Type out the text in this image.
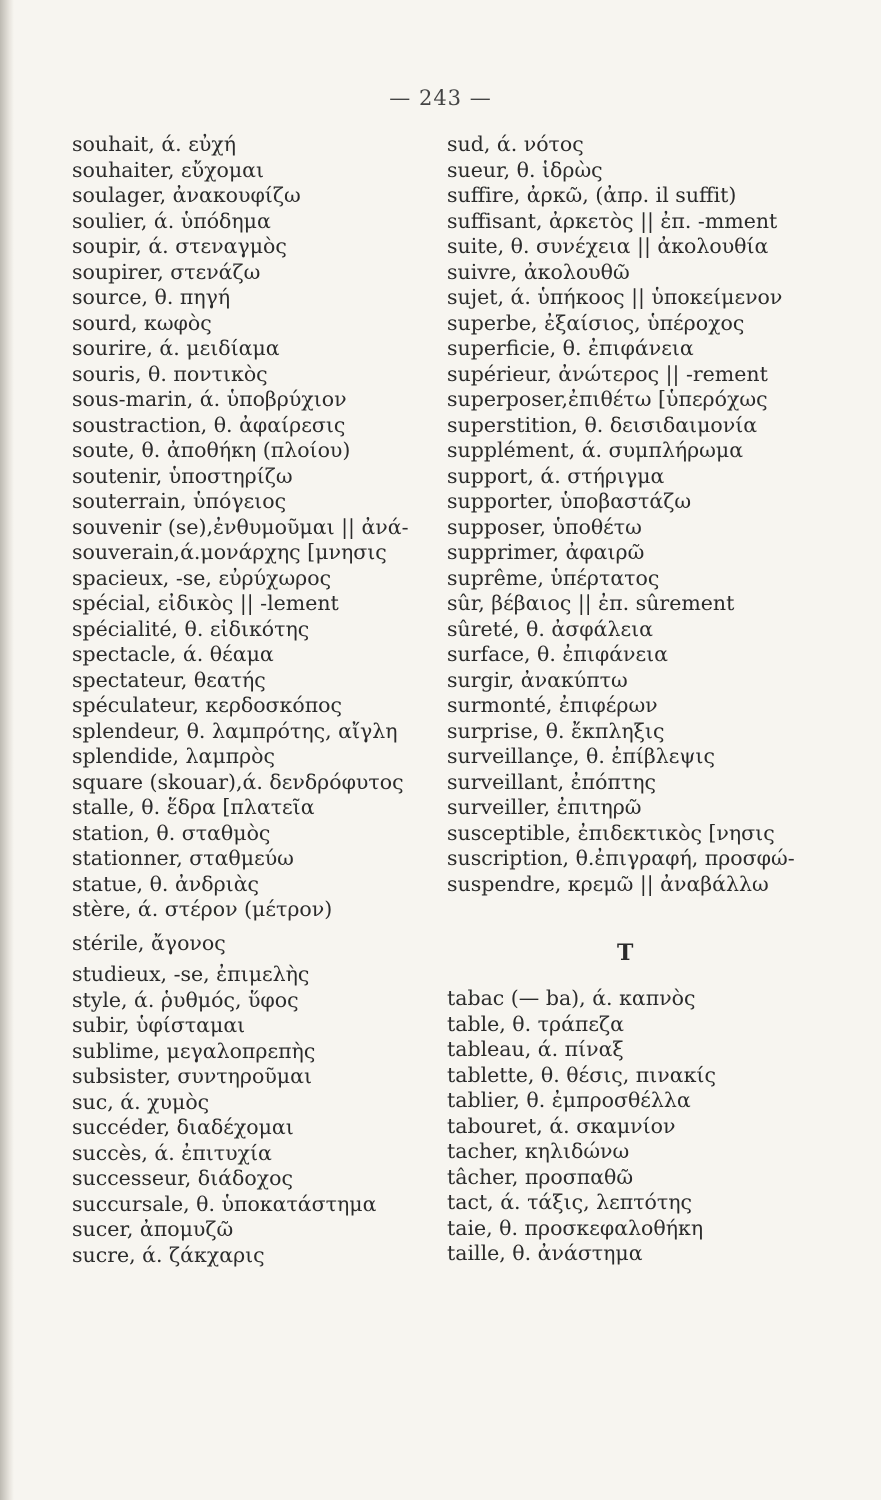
— 243 —
souhait, ά. εὐχή
souhaiter, εὔχομαι
soulager, ἀνακουφίζω
soulier, ά. ὑπόδημα
soupir, ά. στεναγμὸς
soupirer, στενάζω
source, θ. πηγή
sourd, κωφὸς
sourire, ά. μειδίαμα
souris, θ. ποντικὸς
sous-marin, ά. ὑποβρύχιον
soustraction, θ. ἀφαίρεσις
soute, θ. ἀποθήκη (πλοίου)
soutenir, ὑποστηρίζω
souterrain, ὑπόγειος
souvenir (se),ἐνθυμοῦμαι || ἀνά-
souverain,ά.μονάρχης [μνησις
spacieux, -se, εὐρύχωρος
spécial, εἰδικὸς || -lement
spécialité, θ. εἰδικότης
spectacle, ά. θέαμα
spectateur, θεατής
spéculateur, κερδοσκόπος
splendeur, θ. λαμπρότης, αἴγλη
splendide, λαμπρὸς
square (skouar),ά. δενδρόφυτος
stalle, θ. ἕδρα [πλατεῖα
station, θ. σταθμὸς
stationner, σταθμεύω
statue, θ. ἀνδριὰς
stère, ά. στέρον (μέτρον)
stérile, ἄγονος
studieux, -se, ἐπιμελὴς
style, ά. ῥυθμός, ὕφος
subir, ὑφίσταμαι
sublime, μεγαλοπρεπὴς
subsister, συντηροῦμαι
suc, ά. χυμὸς
succéder, διαδέχομαι
succès, ά. ἐπιτυχία
successeur, διάδοχος
succursale, θ. ὑποκατάστημα
sucer, ἀπομυζῶ
sucre, ά. ζάκχαρις
sud, ά. νότος
sueur, θ. ἱδρὼς
suffire, ἀρκῶ, (ἀπρ. il suffit)
suffisant, ἀρκετὸς || ἐπ. -mment
suite, θ. συνέχεια || ἀκολουθία
suivre, ἀκολουθῶ
sujet, ά. ὑπήκοος || ὑποκείμενον
superbe, ἐξαίσιος, ὑπέροχος
superficie, θ. ἐπιφάνεια
supérieur, ἀνώτερος || -rement
superposer,ἐπιθέτω [ὑπερόχως
superstition, θ. δεισιδαιμονία
supplément, ά. συμπλήρωμα
support, ά. στήριγμα
supporter, ὑποβαστάζω
supposer, ὑποθέτω
supprimer, ἀφαιρῶ
suprême, ὑπέρτατος
sûr, βέβαιος || ἐπ. sûrement
sûreté, θ. ἀσφάλεια
surface, θ. ἐπιφάνεια
surgir, ἀνακύπτω
surmonté, ἐπιφέρων
surprise, θ. ἔκπληξις
surveillançe, θ. ἐπίβλεψις
surveillant, ἐπόπτης
surveiller, ἐπιτηρῶ
susceptible, ἐπιδεκτικὸς [νησις
suscription, θ.ἐπιγραφή, προσφώ-
suspendre, κρεμῶ || ἀναβάλλω
T
tabac (— ba), ά. καπνὸς
table, θ. τράπεζα
tableau, ά. πίναξ
tablette, θ. θέσις, πινακίς
tablier, θ. ἐμπροσθέλλα
tabouret, ά. σκαμνίον
tacher, κηλιδώνω
tâcher, προσπαθῶ
tact, ά. τάξις, λεπτότης
taie, θ. προσκεφαλοθήκη
taille, θ. ἀνάστημα
